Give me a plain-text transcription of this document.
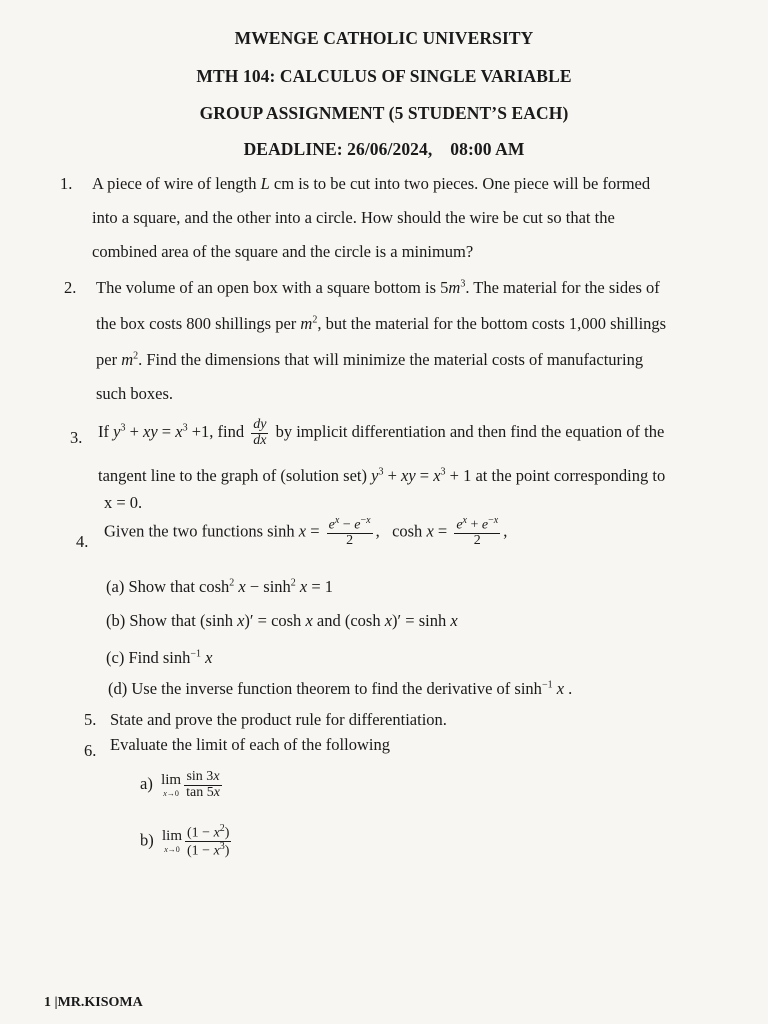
MWENGE CATHOLIC UNIVERSITY
MTH 104: CALCULUS OF SINGLE VARIABLE
GROUP ASSIGNMENT (5 STUDENT’S EACH)
DEADLINE: 26/06/2024,    08:00 AM
1. A piece of wire of length L cm is to be cut into two pieces. One piece will be formed
into a square, and the other into a circle. How should the wire be cut so that the
combined area of the square and the circle is a minimum?
2. The volume of an open box with a square bottom is $5m^3$. The material for the sides of
the box costs 800 shillings per $m^2$, but the material for the bottom costs 1,000 shillings
per $m^2$. Find the dimensions that will minimize the material costs of manufacturing
such boxes.
3. If $y^3$ + xy = $x^3 +1$, find $\frac{dy}{dx}$ by implicit differentiation and then find the equation of the
tangent line to the graph of (solution set) $y^3$ + xy = $x^3 + 1$ at the point corresponding to
x = 0.
4.
Given the two functions $\sinh x = \frac{e^x - e^{-x}}{2}$ ,   $\cosh x = \frac{e^x + e^{-x}}{2}$ ,
(a) Show that $\cosh^2 x - \sinh^2 x = 1$
(b) Show that (sinh x)′ = cosh x and (cosh x)′ = sinh x
(c) Find $\sinh^{-1} x$
(d) Use the inverse function theorem to find the derivative of $\sinh^{-1} x$ .
5. State and prove the product rule for differentiation.
6. Evaluate the limit of each of the following
a) lim
$x\to 0 \frac{\sin 3x}{\tan 5x}$
b) lim
$x\to 0 \frac{(1 - x^2)}{(1 - x^3)}$
1 |MR.KISOMA
